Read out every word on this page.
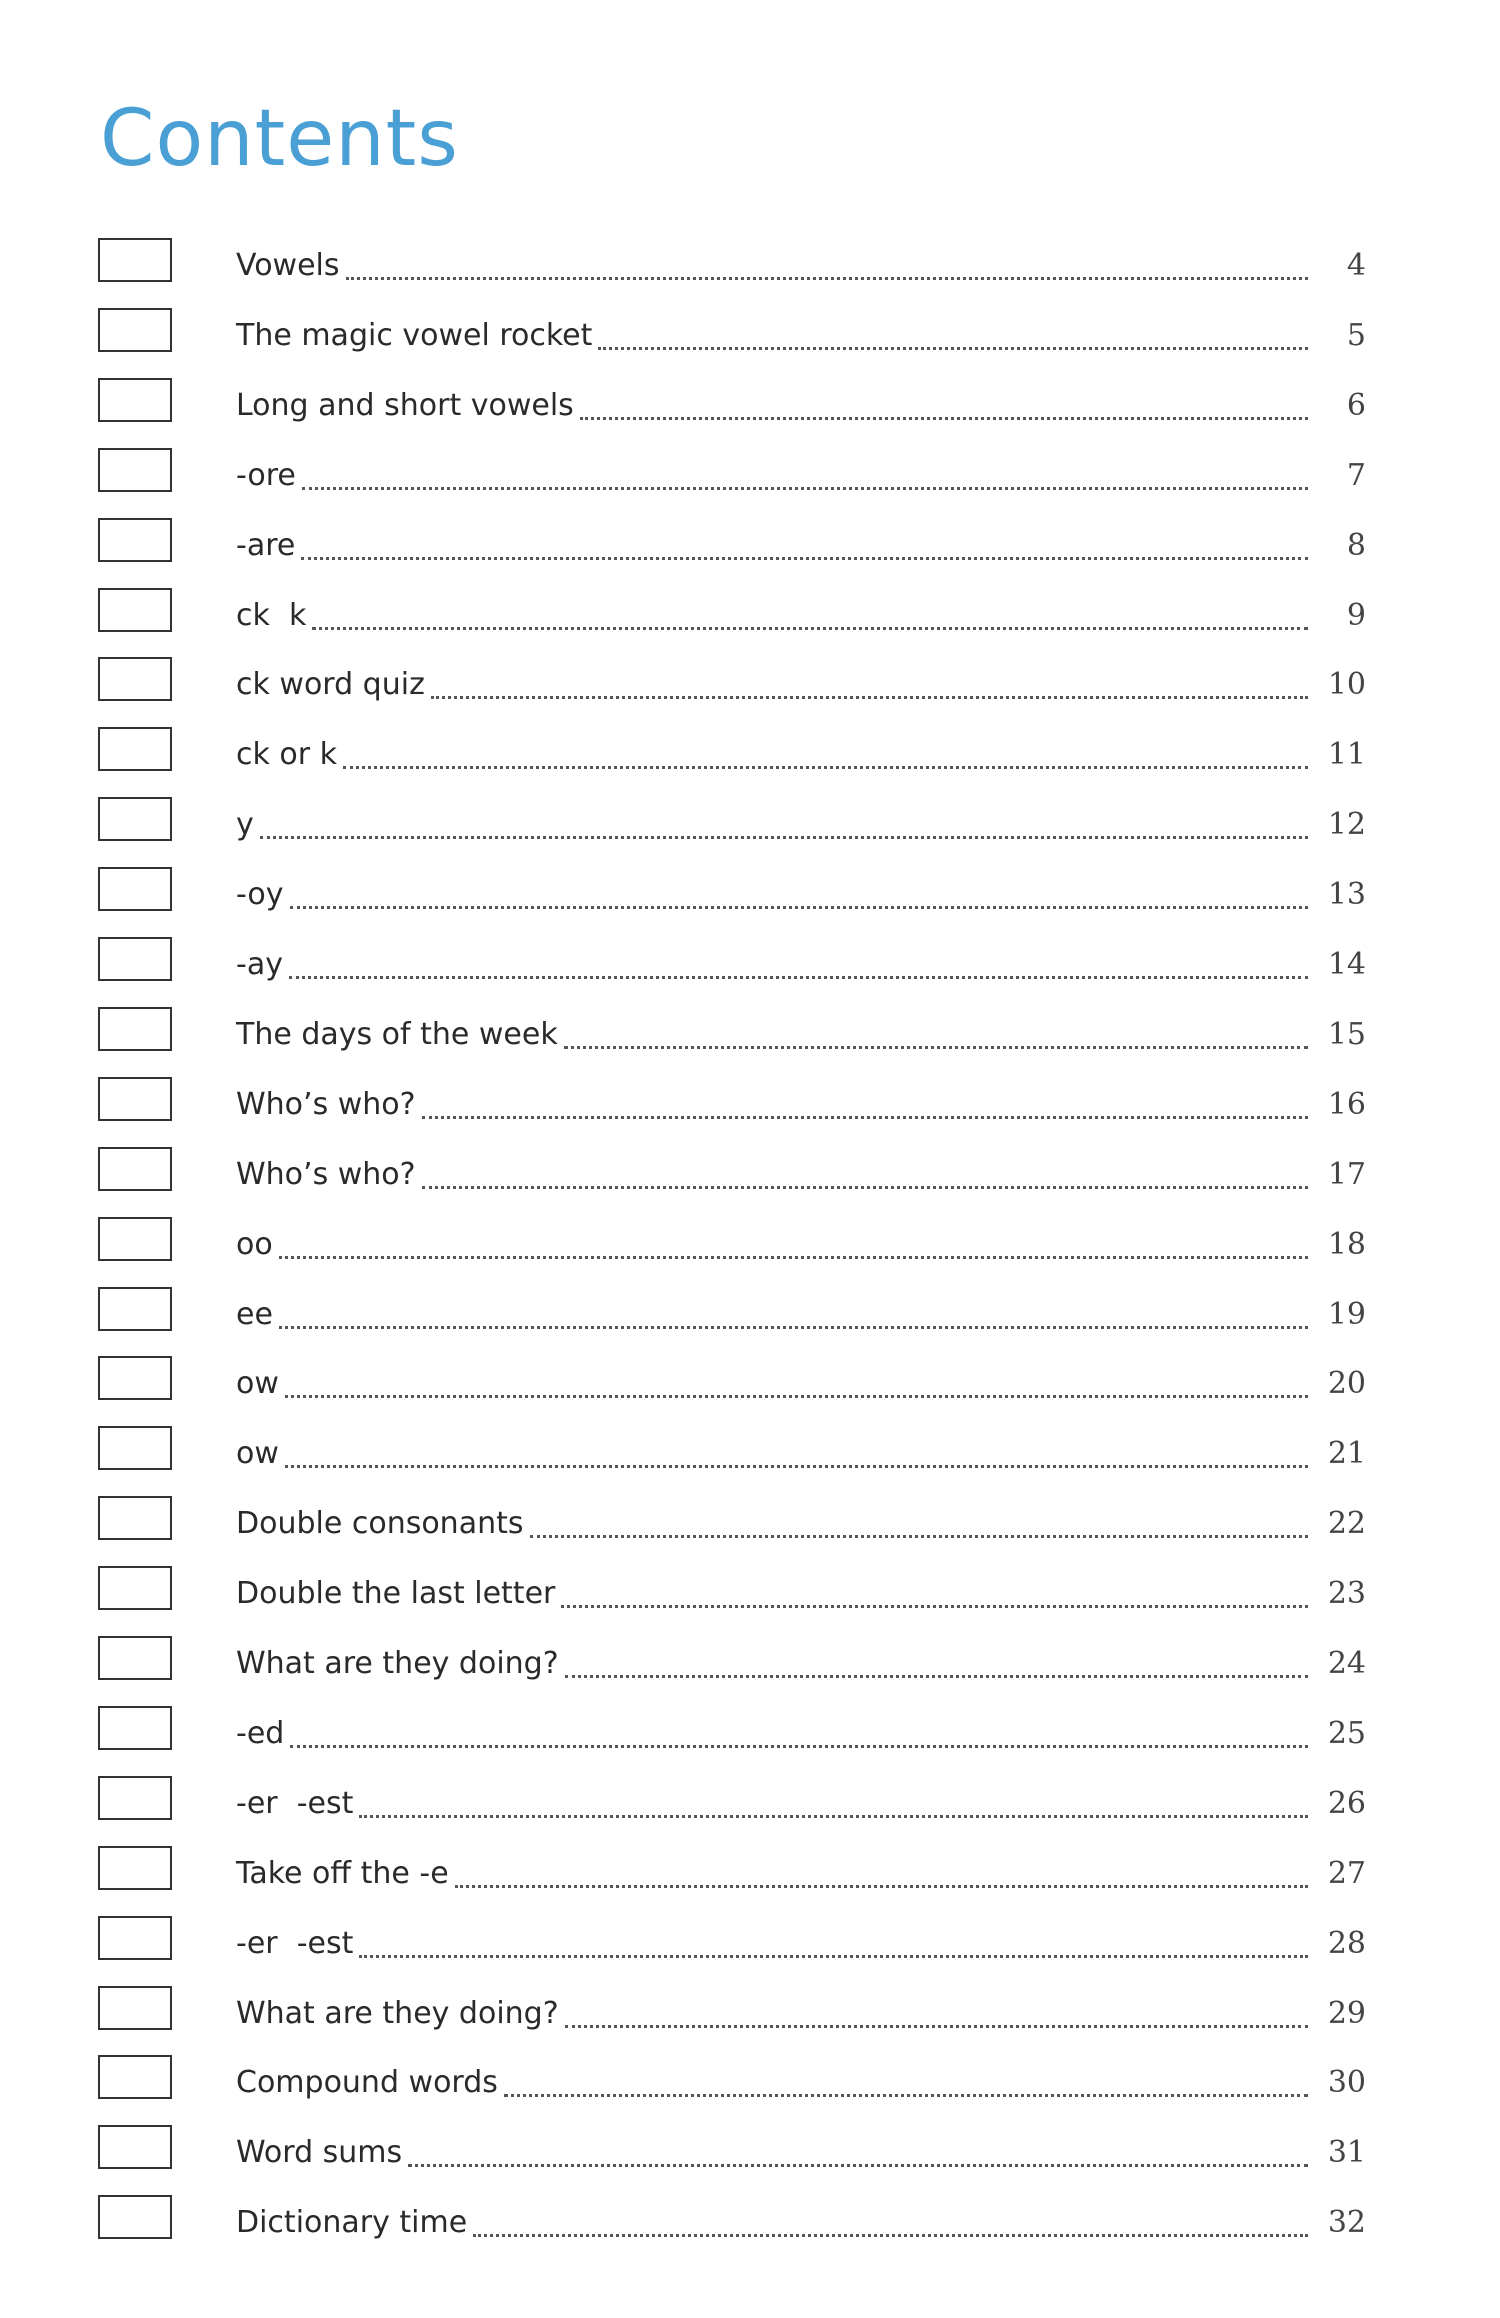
Contents
Vowels	4
The magic vowel rocket	5
Long and short vowels	6
-ore	7
-are	8
ck  k	9
ck word quiz	10
ck or k	11
y	12
-oy	13
-ay	14
The days of the week	15
Who’s who?	16
Who’s who?	17
oo	18
ee	19
ow	20
ow	21
Double consonants	22
Double the last letter	23
What are they doing?	24
-ed	25
-er  -est	26
Take off the -e	27
-er  -est	28
What are they doing?	29
Compound words	30
Word sums	31
Dictionary time	32
